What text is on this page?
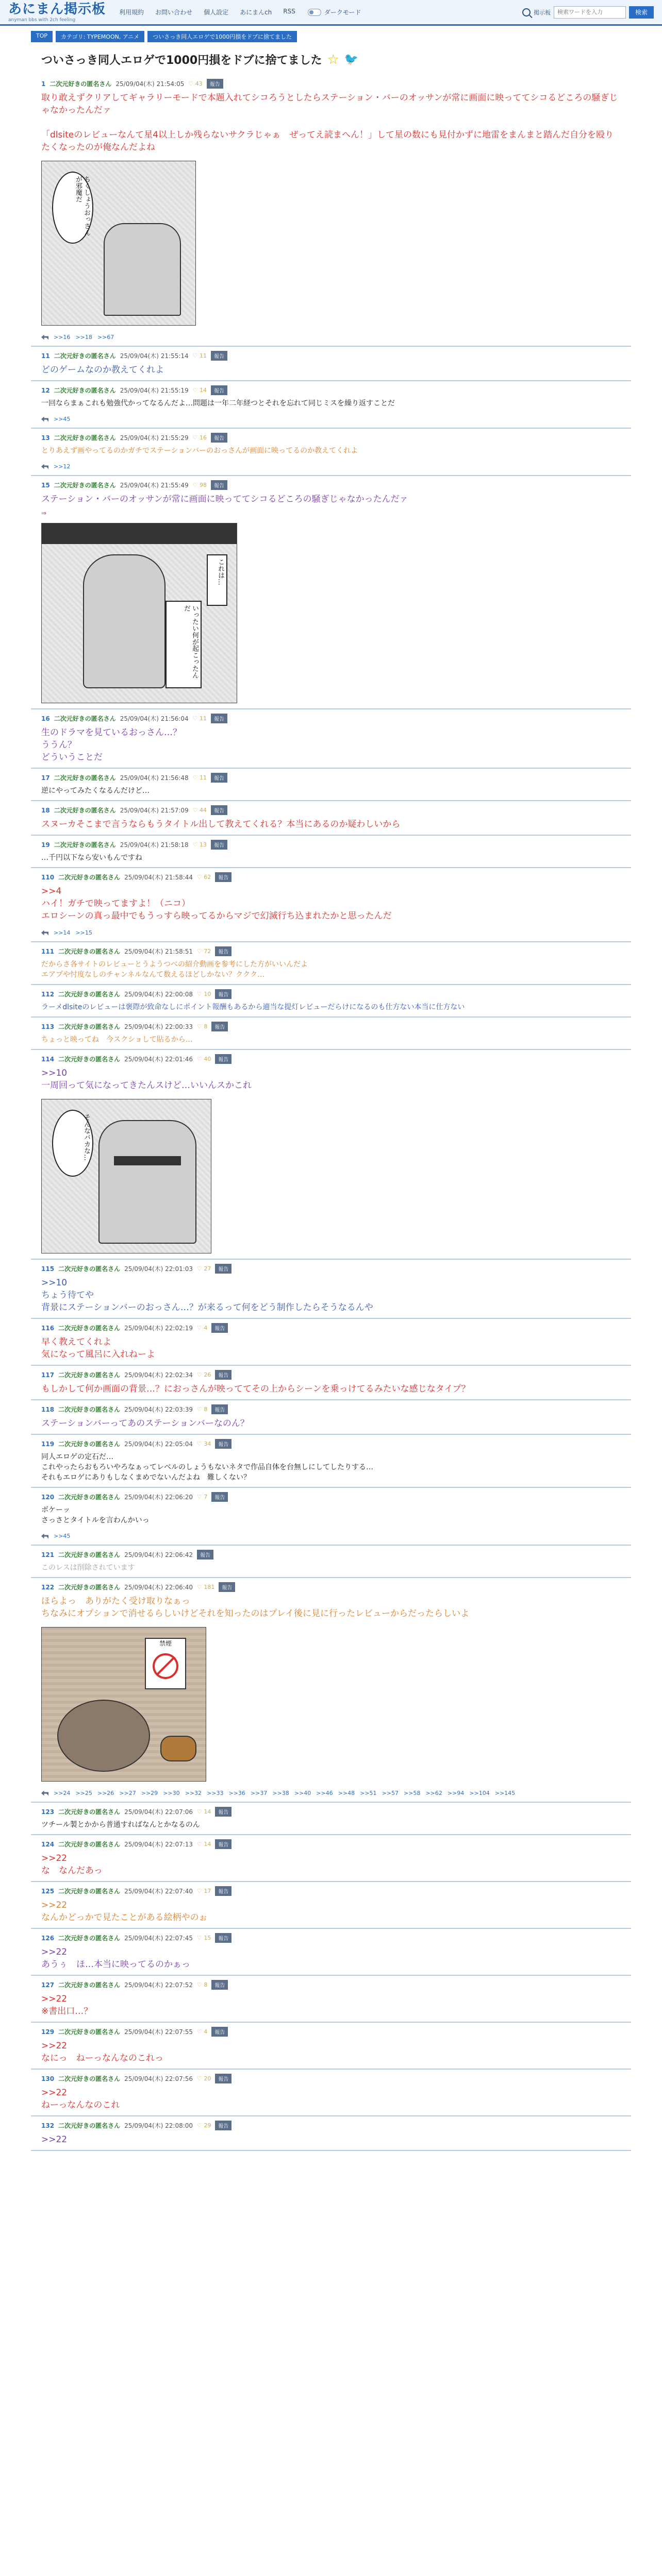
あにまん掲示板
anyman bbs with 2ch feeling
利用規約 お問い合わせ 個人設定 あにまんch RSS	ダークモード	掲示板
検索ワードを入力	検索
TOP	カテゴリ: TYPEMOON, アニメ	ついさっき同人エロゲで1000円損をドブに捨てました
ついさっき同人エロゲで1000円損をドブに捨てました ☆ 🐦
1 二次元好きの匿名さん 25/09/04(木) 21:54:05 ♡ 43	報告
取り敢えずクリアしてギャラリーモードで本題入れてシコろうとしたらステーション・バーのオッサンが常に画面に映っててシコるどころの騒ぎじゃなかったんだァ

「dlsiteのレビューなんて星4以上しか残らないサクラじゃぁ　ぜってえ読まへん！」して星の数にも見付かずに地雷をまんまと踏んだ自分を殴りたくなったのが俺なんだよね
ちくしょうおっさんが邪魔だ
>>16 >>18 >>67
11 二次元好きの匿名さん 25/09/04(木) 21:55:14 ♡ 11	報告
どのゲームなのか教えてくれよ
12 二次元好きの匿名さん 25/09/04(木) 21:55:19 ♡ 14	報告
一回ならまぁこれも勉強代かってなるんだよ…問題は一年二年経つとそれを忘れて同じミスを繰り返すことだ
>>45
13 二次元好きの匿名さん 25/09/04(木) 21:55:29 ♡ 16	報告
とりあえず画やってるのかガチでステーションバーのおっさんが画面に映ってるのか教えてくれよ
>>12
15 二次元好きの匿名さん 25/09/04(木) 21:55:49 ♡ 98	報告
ステーション・バーのオッサンが常に画面に映っててシコるどころの騒ぎじゃなかったんだァ
⇒
いったい何が起こったんだ
これは…
16 二次元好きの匿名さん 25/09/04(木) 21:56:04 ♡ 11	報告
生のドラマを見ているおっさん…？
ううん？
どういうことだ
17 二次元好きの匿名さん 25/09/04(木) 21:56:48 ♡ 11	報告
逆にやってみたくなるんだけど…
18 二次元好きの匿名さん 25/09/04(木) 21:57:09 ♡ 44	報告
スヌーカそこまで言うならもうタイトル出して教えてくれる？本当にあるのか疑わしいから
19 二次元好きの匿名さん 25/09/04(木) 21:58:18 ♡ 13	報告
…千円以下なら安いもんですね
110 二次元好きの匿名さん 25/09/04(木) 21:58:44 ♡ 62	報告
>>4
ハイ！ガチで映ってますよ！（ニコ）
エロシーンの真っ最中でもうっすら映ってるからマジで幻滅行ち込まれたかと思ったんだ
>>14 >>15
111 二次元好きの匿名さん 25/09/04(木) 21:58:51 ♡ 72	報告
だからさ各サイトのレビューとうようつべの紹介動画を参考にした方がいいんだよ
エアプや忖度なしのチャンネルなんて数えるほどしかない？ククク…
112 二次元好きの匿名さん 25/09/04(木) 22:00:08 ♡ 10	報告
ラーメdlsiteのレビューは褒際が致命なしにポイント報酬もあるから適当な提灯レビューだらけになるのも仕方ない本当に仕方ない
113 二次元好きの匿名さん 25/09/04(木) 22:00:33 ♡ 8	報告
ちょっと映ってね　今スクショして貼るから…
114 二次元好きの匿名さん 25/09/04(木) 22:01:46 ♡ 40	報告
>>10
一周回って気になってきたんスけど…いいんスかこれ
そんなバカな…
115 二次元好きの匿名さん 25/09/04(木) 22:01:03 ♡ 27	報告
>>10
ちょう待てや
背景にステーションバーのおっさん…？が来るって何をどう制作したらそうなるんや
116 二次元好きの匿名さん 25/09/04(木) 22:02:19 ♡ 4	報告
早く教えてくれよ
気になって風呂に入れねーよ
117 二次元好きの匿名さん 25/09/04(木) 22:02:34 ♡ 26	報告
もしかして何か画面の背景…？におっさんが映っててその上からシーンを乗っけてるみたいな感じなタイプ？
118 二次元好きの匿名さん 25/09/04(木) 22:03:39 ♡ 8	報告
ステーションバーってあのステーションバーなのん？
119 二次元好きの匿名さん 25/09/04(木) 22:05:04 ♡ 34	報告
同人エロゲの定石だ…
これやったらおもろいやろなぁってレベルのしょうもないネタで作品自体を台無しにしてしたりする…
それもエロゲにありもしなくまめでないんだよね　難しくない？
120 二次元好きの匿名さん 25/09/04(木) 22:06:20 ♡ 7	報告
ボケーッ
さっさとタイトルを言わんかいっ
>>45
121 二次元好きの匿名さん 25/09/04(木) 22:06:42	報告
このレスは削除されています
122 二次元好きの匿名さん 25/09/04(木) 22:06:40 ♡ 181	報告
ほらよっ　ありがたく受け取りなぁっ
ちなみにオプションで消せるらしいけどそれを知ったのはプレイ後に見に行ったレビューからだったらしいよ
禁煙
>>24 >>25 >>26 >>27 >>29 >>30 >>32 >>33 >>36 >>37 >>38 >>40 >>46 >>48 >>51 >>57 >>58 >>62 >>94 >>104 >>145
123 二次元好きの匿名さん 25/09/04(木) 22:07:06 ♡ 14	報告
ツチール製とかから普通すればなんとかなるのん
124 二次元好きの匿名さん 25/09/04(木) 22:07:13 ♡ 14	報告
>>22
な　なんだあっ
125 二次元好きの匿名さん 25/09/04(木) 22:07:40 ♡ 17	報告
>>22
なんかどっかで見たことがある絵柄やのぉ
126 二次元好きの匿名さん 25/09/04(木) 22:07:45 ♡ 15	報告
>>22
あうぅ　ほ…本当に映ってるのかぁっ
127 二次元好きの匿名さん 25/09/04(木) 22:07:52 ♡ 8	報告
>>22
※書出口…？
129 二次元好きの匿名さん 25/09/04(木) 22:07:55 ♡ 4	報告
>>22
なにっ　ねーっなんなのこれっ
130 二次元好きの匿名さん 25/09/04(木) 22:07:56 ♡ 20	報告
>>22
ねーっなんなのこれ
132 二次元好きの匿名さん 25/09/04(木) 22:08:00 ♡ 29	報告
>>22
